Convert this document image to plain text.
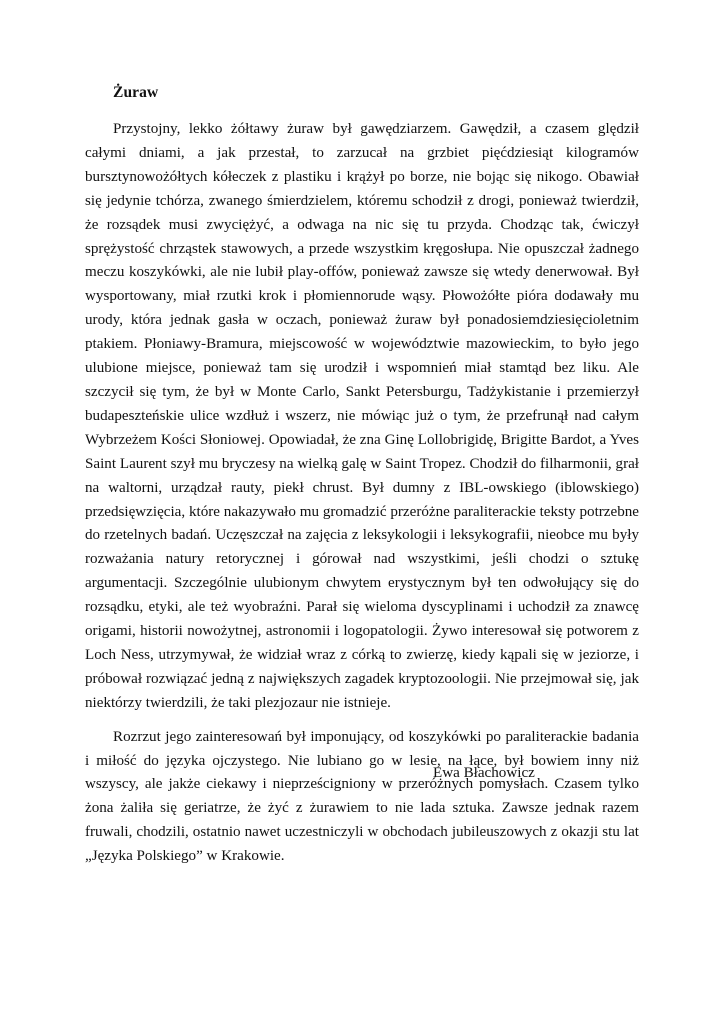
Żuraw

Przystojny, lekko żółtawy żuraw był gawędziarzem. Gawędził, a czasem ględził całymi dniami, a jak przestał, to zarzucał na grzbiet pięćdziesiąt kilogramów bursztynowożółtych kółeczek z plastiku i krążył po borze, nie bojąc się nikogo. Obawiał się jedynie tchórza, zwanego śmierdzielem, któremu schodził z drogi, ponieważ twierdził, że rozsądek musi zwyciężyć, a odwaga na nic się tu przyda. Chodząc tak, ćwiczył sprężystość chrząstek stawowych, a przede wszystkim kręgosłupa. Nie opuszczał żadnego meczu koszykówki, ale nie lubił play-offów, ponieważ zawsze się wtedy denerwował. Był wysportowany, miał rzutki krok i płomiennorude wąsy. Płowożółte pióra dodawały mu urody, która jednak gasła w oczach, ponieważ żuraw był ponadosiemdziesięcioletnim ptakiem. Płoniawy-Bramura, miejscowość w województwie mazowieckim, to było jego ulubione miejsce, ponieważ tam się urodził i wspomnień miał stamtąd bez liku. Ale szczycił się tym, że był w Monte Carlo, Sankt Petersburgu, Tadżykistanie i przemierzył budapeszteńskie ulice wzdłuż i wszerz, nie mówiąc już o tym, że przefrunął nad całym Wybrzeżem Kości Słoniowej. Opowiadał, że zna Ginę Lollobrigidę, Brigitte Bardot, a Yves Saint Laurent szył mu bryczesy na wielką galę w Saint Tropez. Chodził do filharmonii, grał na waltorni, urządzał rauty, piekł chrust. Był dumny z IBL-owskiego (iblowskiego) przedsięwzięcia, które nakazywało mu gromadzić przeróżne paraliterackie teksty potrzebne do rzetelnych badań. Uczęszczał na zajęcia z leksykologii i leksykografii, nieobce mu były rozważania natury retorycznej i górował nad wszystkimi, jeśli chodzi o sztukę argumentacji. Szczególnie ulubionym chwytem erystycznym był ten odwołujący się do rozsądku, etyki, ale też wyobraźni. Parał się wieloma dyscyplinami i uchodził za znawcę origami, historii nowożytnej, astronomii i logopatologii. Żywo interesował się potworem z Loch Ness, utrzymywał, że widział wraz z córką to zwierzę, kiedy kąpali się w jeziorze, i próbował rozwiązać jedną z największych zagadek kryptozoologii. Nie przejmował się, jak niektórzy twierdzili, że taki plezjozaur nie istnieje.

Rozrzut jego zainteresowań był imponujący, od koszykówki po paraliterackie badania i miłość do języka ojczystego. Nie lubiano go w lesie, na łące, był bowiem inny niż wszyscy, ale jakże ciekawy i nieprześcigniony w przeróżnych pomysłach. Czasem tylko żona żaliła się geriatrze, że żyć z żurawiem to nie lada sztuka. Zawsze jednak razem fruwali, chodzili, ostatnio nawet uczestniczyli w obchodach jubileuszowych z okazji stu lat „Języka Polskiego” w Krakowie.

Ewa Błachowicz
